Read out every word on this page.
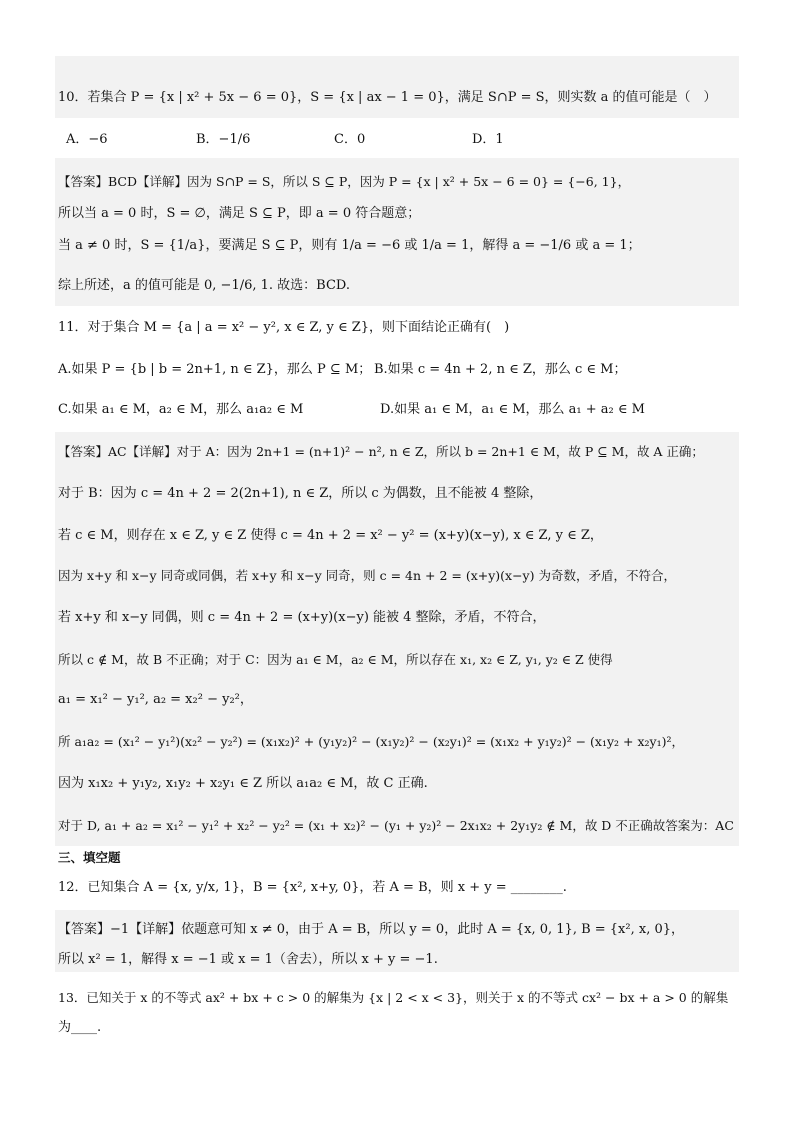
10．若集合 P = {x | x² + 5x − 6 = 0}，S = {x | ax − 1 = 0}，满足 S∩P = S，则实数 a 的值可能是（　）
A．−6	B．−1/6	C．0	D．1
【答案】BCD【详解】因为 S∩P = S，所以 S ⊆ P，因为 P = {x | x² + 5x − 6 = 0} = {−6, 1}，
所以当 a = 0 时，S = ∅，满足 S ⊆ P，即 a = 0 符合题意；
当 a ≠ 0 时，S = {1/a}，要满足 S ⊆ P，则有 1/a = −6 或 1/a = 1，解得 a = −1/6 或 a = 1；
综上所述，a 的值可能是 0, −1/6, 1. 故选：BCD.
11．对于集合 M = {a | a = x² − y², x ∈ Z, y ∈ Z}，则下面结论正确有(　)
A.如果 P = {b | b = 2n+1, n ∈ Z}，那么 P ⊆ M； B.如果 c = 4n + 2, n ∈ Z，那么 c ∈ M；
C.如果 a₁ ∈ M，a₂ ∈ M，那么 a₁a₂ ∈ M	D.如果 a₁ ∈ M，a₁ ∈ M，那么 a₁ + a₂ ∈ M
【答案】AC【详解】对于 A：因为 2n+1 = (n+1)² − n², n ∈ Z，所以 b = 2n+1 ∈ M，故 P ⊆ M，故 A 正确；
对于 B：因为 c = 4n + 2 = 2(2n+1), n ∈ Z，所以 c 为偶数，且不能被 4 整除，
若 c ∈ M，则存在 x ∈ Z, y ∈ Z 使得 c = 4n + 2 = x² − y² = (x+y)(x−y), x ∈ Z, y ∈ Z，
因为 x+y 和 x−y 同奇或同偶，若 x+y 和 x−y 同奇，则 c = 4n + 2 = (x+y)(x−y) 为奇数，矛盾，不符合，
若 x+y 和 x−y 同偶，则 c = 4n + 2 = (x+y)(x−y) 能被 4 整除，矛盾，不符合，
所以 c ∉ M，故 B 不正确；对于 C：因为 a₁ ∈ M，a₂ ∈ M，所以存在 x₁, x₂ ∈ Z, y₁, y₂ ∈ Z 使得
a₁ = x₁² − y₁², a₂ = x₂² − y₂²，
所 a₁a₂ = (x₁² − y₁²)(x₂² − y₂²) = (x₁x₂)² + (y₁y₂)² − (x₁y₂)² − (x₂y₁)² = (x₁x₂ + y₁y₂)² − (x₁y₂ + x₂y₁)²，
因为 x₁x₂ + y₁y₂, x₁y₂ + x₂y₁ ∈ Z 所以 a₁a₂ ∈ M，故 C 正确.
对于 D, a₁ + a₂ = x₁² − y₁² + x₂² − y₂² = (x₁ + x₂)² − (y₁ + y₂)² − 2x₁x₂ + 2y₁y₂ ∉ M，故 D 不正确故答案为：AC
三、填空题
12．已知集合 A = {x, y/x, 1}，B = {x², x+y, 0}，若 A = B，则 x + y = ________.
【答案】−1【详解】依题意可知 x ≠ 0，由于 A = B，所以 y = 0，此时 A = {x, 0, 1}, B = {x², x, 0}，
所以 x² = 1，解得 x = −1 或 x = 1（舍去），所以 x + y = −1.
13．已知关于 x 的不等式 ax² + bx + c > 0 的解集为 {x | 2 < x < 3}，则关于 x 的不等式 cx² − bx + a > 0 的解集
为____.
